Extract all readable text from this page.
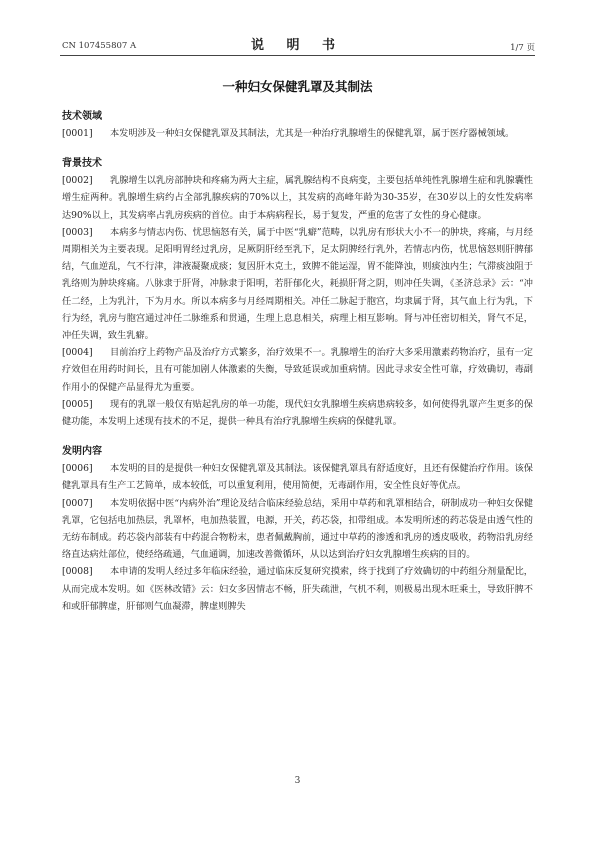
CN 107455807 A	说 明 书	1/7 页
一种妇女保健乳罩及其制法

技术领域

[0001] 本发明涉及一种妇女保健乳罩及其制法，尤其是一种治疗乳腺增生的保健乳罩，属于医疗器械领域。

背景技术

[0002] 乳腺增生以乳房部肿块和疼痛为两大主症，属乳腺结构不良病变，主要包括单纯性乳腺增生症和乳腺囊性增生症两种。乳腺增生病约占全部乳腺疾病的70%以上，其发病的高峰年龄为30-35岁，在30岁以上的女性发病率达90%以上，其发病率占乳房疾病的首位。由于本病病程长，易于复发，严重的危害了女性的身心健康。

[0003] 本病多与情志内伤、忧思恼怒有关，属于中医“乳癖”范畴，以乳房有形状大小不一的肿块，疼痛，与月经周期相关为主要表现。足阳明胃经过乳房，足厥阴肝经至乳下，足太阴脾经行乳外，若情志内伤，忧思恼怒则肝脾郁结，气血逆乱，气不行津，津液凝聚成痰；复因肝木克土，致脾不能运湿，胃不能降浊，则痰浊内生；气滞痰浊阻于乳络则为肿块疼痛。八脉隶于肝肾，冲脉隶于阳明，若肝郁化火，耗损肝肾之阴，则冲任失调，《圣济总录》云：“冲任二经，上为乳汁，下为月水。所以本病多与月经周期相关。冲任二脉起于胞宫，均隶属于肾，其气血上行为乳，下行为经，乳房与胞宫通过冲任二脉维系和贯通，生理上息息相关，病理上相互影响。肾与冲任密切相关，肾气不足，冲任失调，致生乳癖。

[0004] 目前治疗上药物产品及治疗方式繁多，治疗效果不一。乳腺增生的治疗大多采用激素药物治疗，虽有一定疗效但在用药时间长，且有可能加剧人体激素的失衡，导致延误或加重病情。因此寻求安全性可靠，疗效确切，毒副作用小的保健产品显得尤为重要。

[0005] 现有的乳罩一般仅有贴起乳房的单一功能，现代妇女乳腺增生疾病患病较多，如何使得乳罩产生更多的保健功能，本发明上述现有技术的不足，提供一种具有治疗乳腺增生疾病的保健乳罩。

发明内容

[0006] 本发明的目的是提供一种妇女保健乳罩及其制法。该保健乳罩具有舒适度好，且还有保健治疗作用。该保健乳罩具有生产工艺简单，成本较低，可以重复利用，使用简便，无毒副作用，安全性良好等优点。

[0007] 本发明依据中医“内病外治”理论及结合临床经验总结，采用中草药和乳罩相结合，研制成功一种妇女保健乳罩，它包括电加热层，乳罩杯，电加热装置，电源，开关，药芯袋，扣带组成。本发明所述的药芯袋是由透气性的无纺布制成。药芯袋内部装有中药混合物粉末，患者佩戴胸前，通过中草药的渗透和乳房的透皮吸收，药物沿乳房经络直达病灶部位，使经络疏通，气血通调，加速改善微循环，从以达到治疗妇女乳腺增生疾病的目的。

[0008] 本申请的发明人经过多年临床经验，通过临床反复研究摸索，终于找到了疗效确切的中药组分剂量配比，从而完成本发明。如《医林改错》云：妇女多因情志不畅，肝失疏泄，气机不利，则极易出现木旺乘土，导致肝脾不和或肝郁脾虚，肝郁则气血凝滞，脾虚则脾失

3
